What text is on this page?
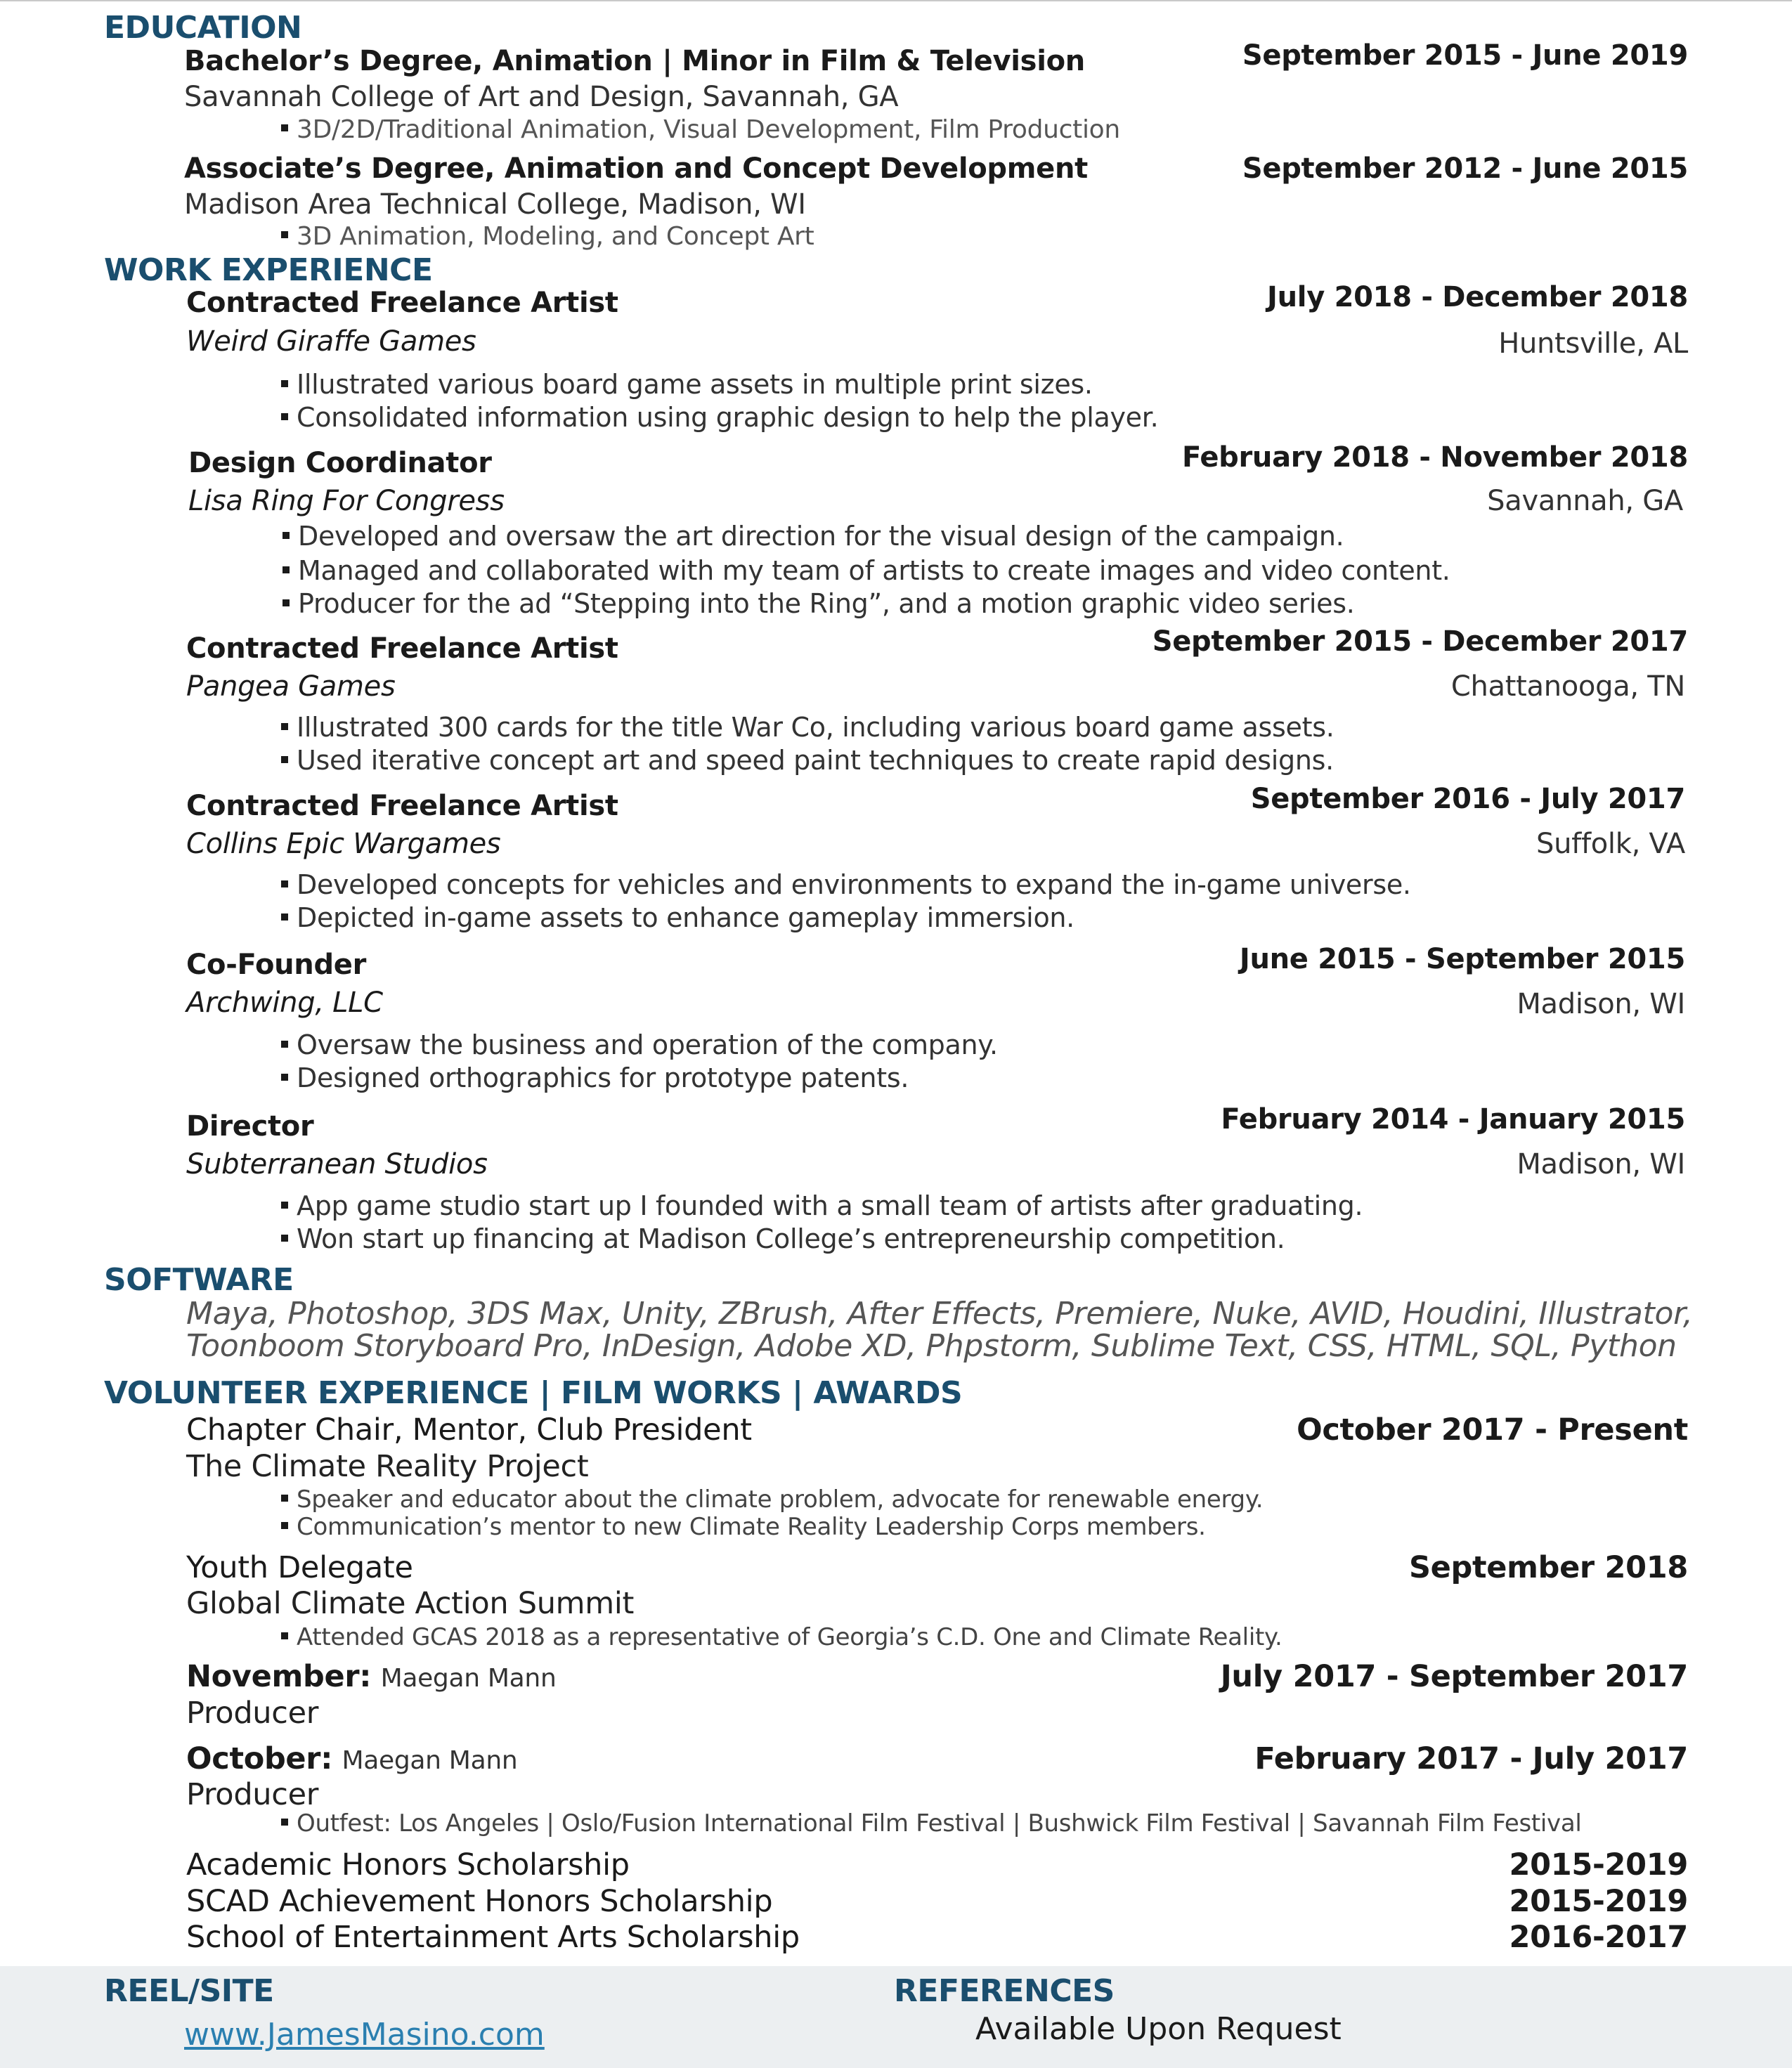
EDUCATION
Bachelor’s Degree, Animation | Minor in Film & Television	September 2015 - June 2019
Savannah College of Art and Design, Savannah, GA
3D/2D/Traditional Animation, Visual Development, Film Production
Associate’s Degree, Animation and Concept Development	September 2012 - June 2015
Madison Area Technical College, Madison, WI
3D Animation, Modeling, and Concept Art
WORK EXPERIENCE
Contracted Freelance Artist	July 2018 - December 2018
Weird Giraffe Games	Huntsville, AL
Illustrated various board game assets in multiple print sizes.
Consolidated information using graphic design to help the player.
Design Coordinator	February 2018 - November 2018
Lisa Ring For Congress	Savannah, GA
Developed and oversaw the art direction for the visual design of the campaign.
Managed and collaborated with my team of artists to create images and video content.
Producer for the ad “Stepping into the Ring”, and a motion graphic video series.
Contracted Freelance Artist	September 2015 - December 2017
Pangea Games	Chattanooga, TN
Illustrated 300 cards for the title War Co, including various board game assets.
Used iterative concept art and speed paint techniques to create rapid designs.
Contracted Freelance Artist	September 2016 - July 2017
Collins Epic Wargames	Suffolk, VA
Developed concepts for vehicles and environments to expand the in-game universe.
Depicted in-game assets to enhance gameplay immersion.
Co-Founder	June 2015 - September 2015
Archwing, LLC	Madison, WI
Oversaw the business and operation of the company.
Designed orthographics for prototype patents.
Director	February 2014 - January 2015
Subterranean Studios	Madison, WI
App game studio start up I founded with a small team of artists after graduating.
Won start up financing at Madison College’s entrepreneurship competition.
SOFTWARE
Maya, Photoshop, 3DS Max, Unity, ZBrush, After Effects, Premiere, Nuke, AVID, Houdini, Illustrator,
Toonboom Storyboard Pro, InDesign, Adobe XD, Phpstorm, Sublime Text, CSS, HTML, SQL, Python
VOLUNTEER EXPERIENCE | FILM WORKS | AWARDS
Chapter Chair, Mentor, Club President	October 2017 - Present
The Climate Reality Project
Speaker and educator about the climate problem, advocate for renewable energy.
Communication’s mentor to new Climate Reality Leadership Corps members.
Youth Delegate	September 2018
Global Climate Action Summit
Attended GCAS 2018 as a representative of Georgia’s C.D. One and Climate Reality.
November: Maegan Mann	July 2017 - September 2017
Producer
October: Maegan Mann	February 2017 - July 2017
Producer
Outfest: Los Angeles | Oslo/Fusion International Film Festival | Bushwick Film Festival | Savannah Film Festival
Academic Honors Scholarship	2015-2019
SCAD Achievement Honors Scholarship	2015-2019
School of Entertainment Arts Scholarship	2016-2017
REEL/SITE
www.JamesMasino.com
REFERENCES
Available Upon Request
